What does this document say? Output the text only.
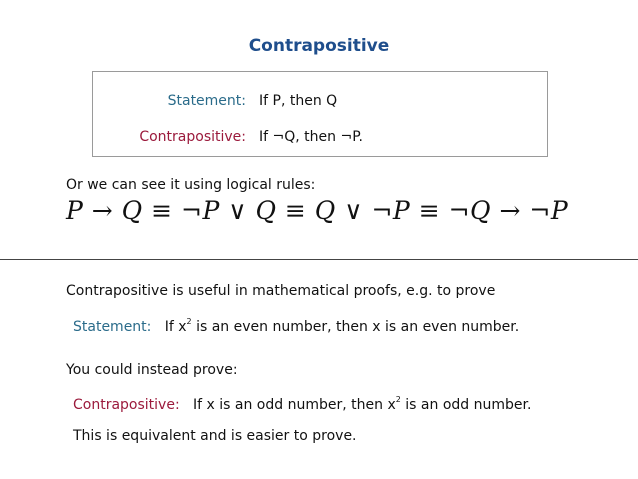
Contrapositive
Statement: If P, then Q
Contrapositive: If ¬Q, then ¬P.
Or we can see it using logical rules:
P → Q ≡ ¬P ∨ Q ≡ Q ∨ ¬P ≡ ¬Q → ¬P
Contrapositive is useful in mathematical proofs, e.g. to prove
Statement: If $x^2$ is an even number, then x is an even number.
You could instead prove:
Contrapositive: If x is an odd number, then $x^2$ is an odd number.
This is equivalent and is easier to prove.
